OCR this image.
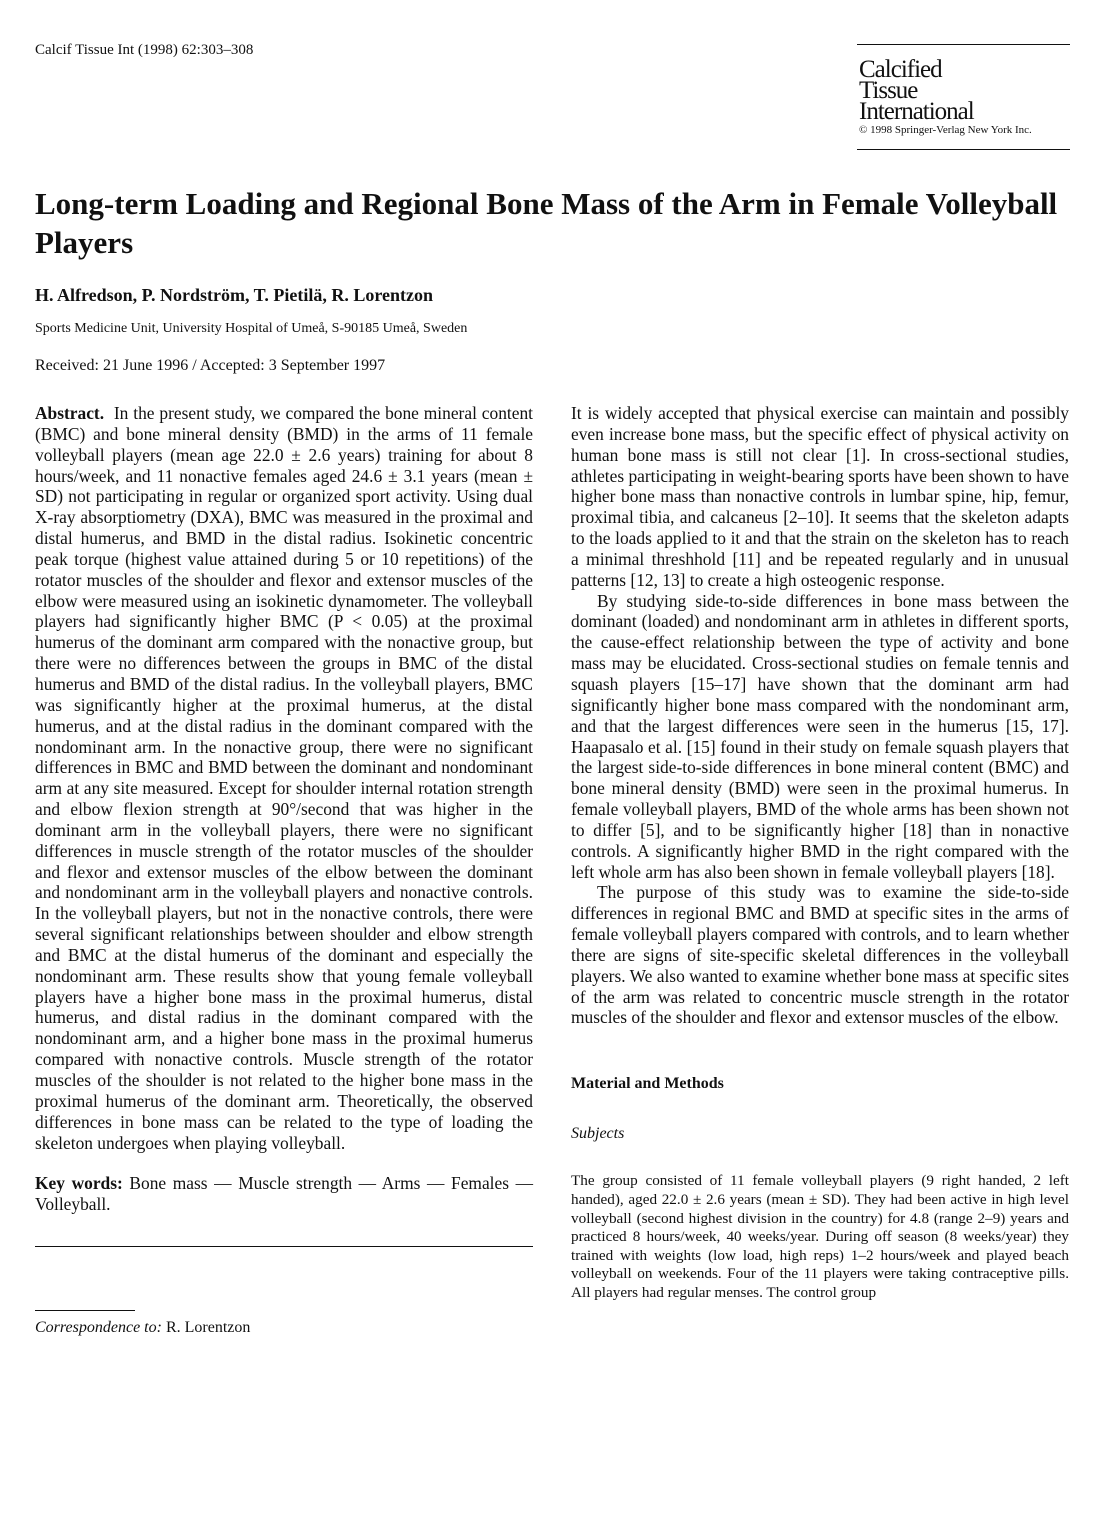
Calcif Tissue Int (1998) 62:303–308
Calcified
Tissue
International
© 1998 Springer-Verlag New York Inc.
Long-term Loading and Regional Bone Mass of the Arm in Female Volleyball Players
H. Alfredson, P. Nordström, T. Pietilä, R. Lorentzon
Sports Medicine Unit, University Hospital of Umeå, S-90185 Umeå, Sweden
Received: 21 June 1996 / Accepted: 3 September 1997

Abstract. In the present study, we compared the bone mineral content (BMC) and bone mineral density (BMD) in the arms of 11 female volleyball players (mean age 22.0 ± 2.6 years) training for about 8 hours/week, and 11 nonactive females aged 24.6 ± 3.1 years (mean ± SD) not participating in regular or organized sport activity. Using dual X-ray absorptiometry (DXA), BMC was measured in the proximal and distal humerus, and BMD in the distal radius. Isokinetic concentric peak torque (highest value attained during 5 or 10 repetitions) of the rotator muscles of the shoulder and flexor and extensor muscles of the elbow were measured using an isokinetic dynamometer. The volleyball players had significantly higher BMC (P < 0.05) at the proximal humerus of the dominant arm compared with the nonactive group, but there were no differences between the groups in BMC of the distal humerus and BMD of the distal radius. In the volleyball players, BMC was significantly higher at the proximal humerus, at the distal humerus, and at the distal radius in the dominant compared with the nondominant arm. In the nonactive group, there were no significant differences in BMC and BMD between the dominant and nondominant arm at any site measured. Except for shoulder internal rotation strength and elbow flexion strength at 90°/second that was higher in the dominant arm in the volleyball players, there were no significant differences in muscle strength of the rotator muscles of the shoulder and flexor and extensor muscles of the elbow between the dominant and nondominant arm in the volleyball players and nonactive controls. In the volleyball players, but not in the nonactive controls, there were several significant relationships between shoulder and elbow strength and BMC at the distal humerus of the dominant and especially the nondominant arm. These results show that young female volleyball players have a higher bone mass in the proximal humerus, distal humerus, and distal radius in the dominant compared with the nondominant arm, and a higher bone mass in the proximal humerus compared with nonactive controls. Muscle strength of the rotator muscles of the shoulder is not related to the higher bone mass in the proximal humerus of the dominant arm. Theoretically, the observed differences in bone mass can be related to the type of loading the skeleton undergoes when playing volleyball.

Key words: Bone mass — Muscle strength — Arms — Females — Volleyball.

Correspondence to: R. Lorentzon

It is widely accepted that physical exercise can maintain and possibly even increase bone mass, but the specific effect of physical activity on human bone mass is still not clear [1]. In cross-sectional studies, athletes participating in weight-bearing sports have been shown to have higher bone mass than nonactive controls in lumbar spine, hip, femur, proximal tibia, and calcaneus [2–10]. It seems that the skeleton adapts to the loads applied to it and that the strain on the skeleton has to reach a minimal threshhold [11] and be repeated regularly and in unusual patterns [12, 13] to create a high osteogenic response.

By studying side-to-side differences in bone mass between the dominant (loaded) and nondominant arm in athletes in different sports, the cause-effect relationship between the type of activity and bone mass may be elucidated. Cross-sectional studies on female tennis and squash players [15–17] have shown that the dominant arm had significantly higher bone mass compared with the nondominant arm, and that the largest differences were seen in the humerus [15, 17]. Haapasalo et al. [15] found in their study on female squash players that the largest side-to-side differences in bone mineral content (BMC) and bone mineral density (BMD) were seen in the proximal humerus. In female volleyball players, BMD of the whole arms has been shown not to differ [5], and to be significantly higher [18] than in nonactive controls. A significantly higher BMD in the right compared with the left whole arm has also been shown in female volleyball players [18].

The purpose of this study was to examine the side-to-side differences in regional BMC and BMD at specific sites in the arms of female volleyball players compared with controls, and to learn whether there are signs of site-specific skeletal differences in the volleyball players. We also wanted to examine whether bone mass at specific sites of the arm was related to concentric muscle strength in the rotator muscles of the shoulder and flexor and extensor muscles of the elbow.

Material and Methods
Subjects

The group consisted of 11 female volleyball players (9 right handed, 2 left handed), aged 22.0 ± 2.6 years (mean ± SD). They had been active in high level volleyball (second highest division in the country) for 4.8 (range 2–9) years and practiced 8 hours/week, 40 weeks/year. During off season (8 weeks/year) they trained with weights (low load, high reps) 1–2 hours/week and played beach volleyball on weekends. Four of the 11 players were taking contraceptive pills. All players had regular menses. The control group
